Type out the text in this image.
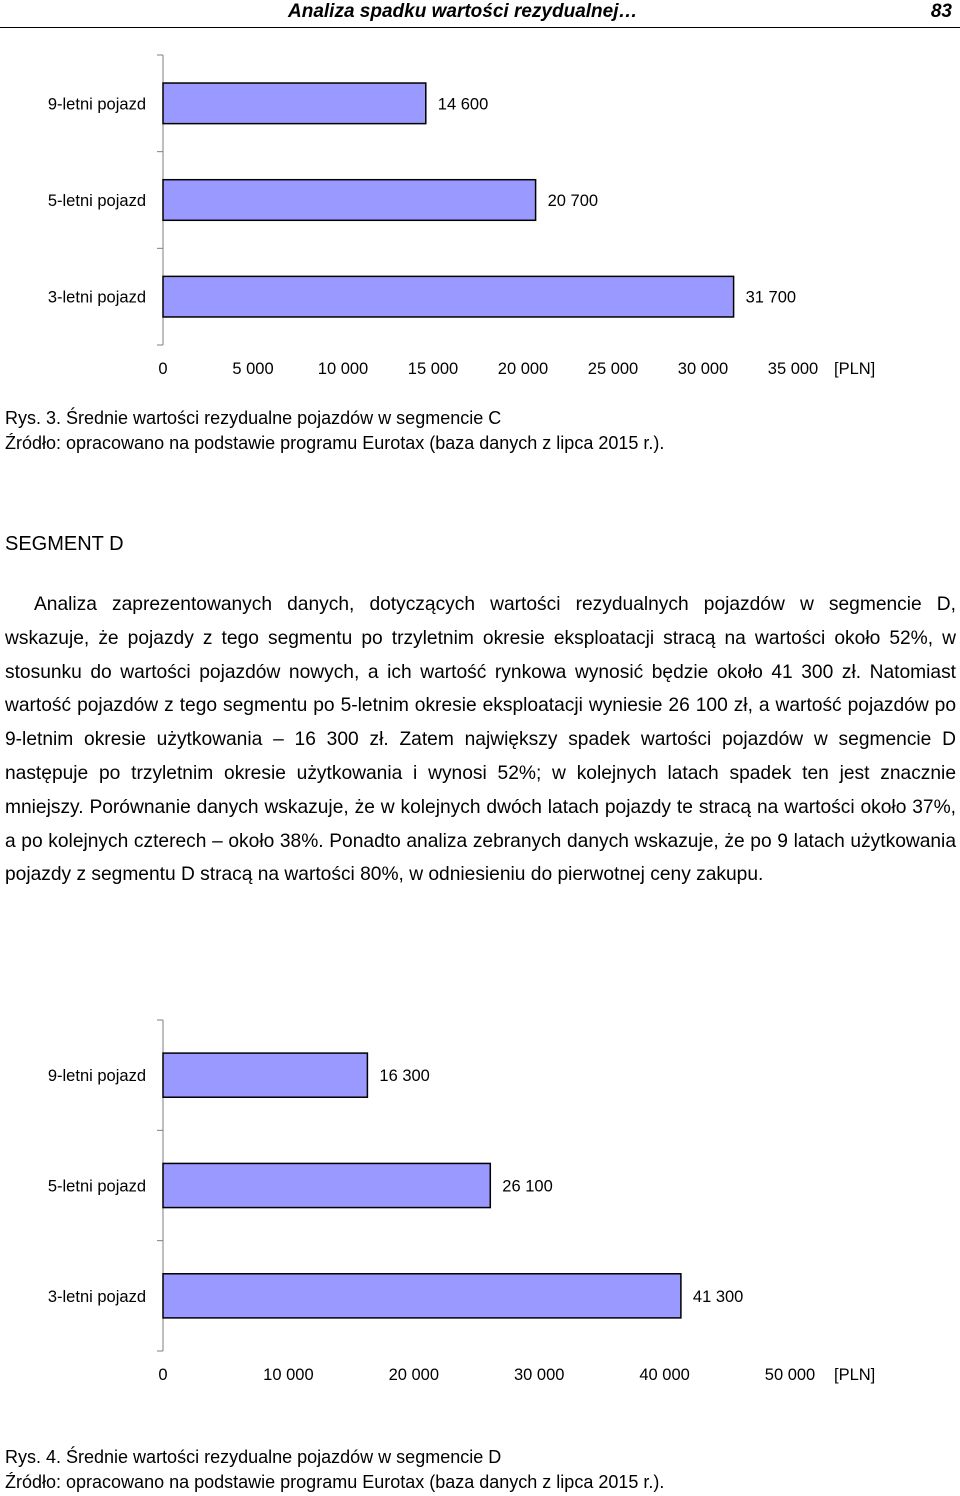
Analiza spadku wartości rezydualnej…	83
9-letni pojazd	14 600
5-letni pojazd	20 700
3-letni pojazd	31 700
0	5 000	10 000 15 000 20 000 25 000 30 000 35 000 [PLN]
Rys. 3. Średnie wartości rezydualne pojazdów w segmencie C
Źródło: opracowano na podstawie programu Eurotax (baza danych z lipca 2015 r.).
SEGMENT D

Analiza zaprezentowanych danych, dotyczących wartości rezydualnych pojazdów w segmencie D, wskazuje, że pojazdy z tego segmentu po trzyletnim okresie eksploatacji stracą na wartości około 52%, w stosunku do wartości pojazdów nowych, a ich wartość rynkowa wynosić będzie około 41 300 zł. Natomiast wartość pojazdów z tego segmentu po 5-letnim okresie eksploatacji wyniesie 26 100 zł, a wartość pojazdów po 9-letnim okresie użytkowania – 16 300 zł. Zatem największy spadek wartości pojazdów w segmencie D następuje po trzyletnim okresie użytkowania i wynosi 52%; w kolejnych latach spadek ten jest znacznie mniejszy. Porównanie danych wskazuje, że w kolejnych dwóch latach pojazdy te stracą na wartości około 37%, a po kolejnych czterech – około 38%. Ponadto analiza zebranych danych wskazuje, że po 9 latach użytkowania pojazdy z segmentu D stracą na wartości 80%, w odniesieniu do pierwotnej ceny zakupu.

9-letni pojazd	16 300
5-letni pojazd	26 100
3-letni pojazd	41 300
0	10 000	20 000	30 000	40 000	50 000 [PLN]
Rys. 4. Średnie wartości rezydualne pojazdów w segmencie D
Źródło: opracowano na podstawie programu Eurotax (baza danych z lipca 2015 r.).
